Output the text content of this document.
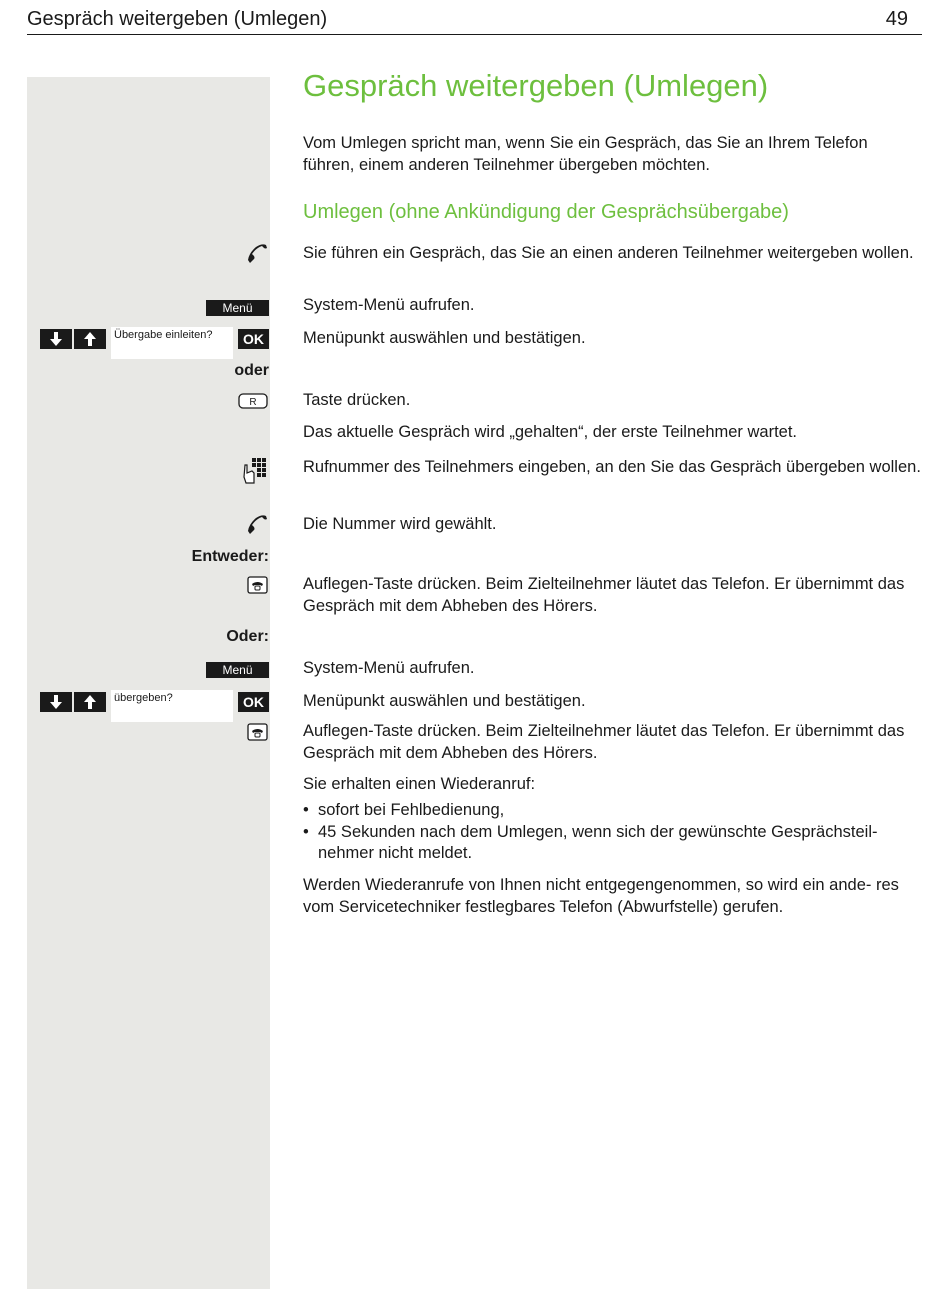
Gespräch weitergeben (Umlegen)	49
Gespräch weitergeben (Umlegen)
Vom Umlegen spricht man, wenn Sie ein Gespräch, das Sie an Ihrem Telefon führen, einem anderen Teilnehmer übergeben möchten.
Umlegen (ohne Ankündigung der Gesprächsübergabe)
Sie führen ein Gespräch, das Sie an einen anderen Teilnehmer weitergeben wollen.
Menü	System-Menü aufrufen.
Übergabe einleiten?	OK	Menüpunkt auswählen und bestätigen.
oder
R	Taste drücken.
Das aktuelle Gespräch wird „gehalten“, der erste Teilnehmer wartet.
Rufnummer des Teilnehmers eingeben, an den Sie das Gespräch übergeben wollen.
Die Nummer wird gewählt.
Entweder:
Auflegen-Taste drücken. Beim Zielteilnehmer läutet das Telefon. Er übernimmt das Gespräch mit dem Abheben des Hörers.
Oder:
Menü	System-Menü aufrufen.
übergeben?	OK	Menüpunkt auswählen und bestätigen.
Auflegen-Taste drücken. Beim Zielteilnehmer läutet das Telefon. Er übernimmt das Gespräch mit dem Abheben des Hörers.
Sie erhalten einen Wiederanruf:
• sofort bei Fehlbedienung,
• 45 Sekunden nach dem Umlegen, wenn sich der gewünschte Gesprächsteil- nehmer nicht meldet.
Werden Wiederanrufe von Ihnen nicht entgegengenommen, so wird ein ande- res vom Servicetechniker festlegbares Telefon (Abwurfstelle) gerufen.
